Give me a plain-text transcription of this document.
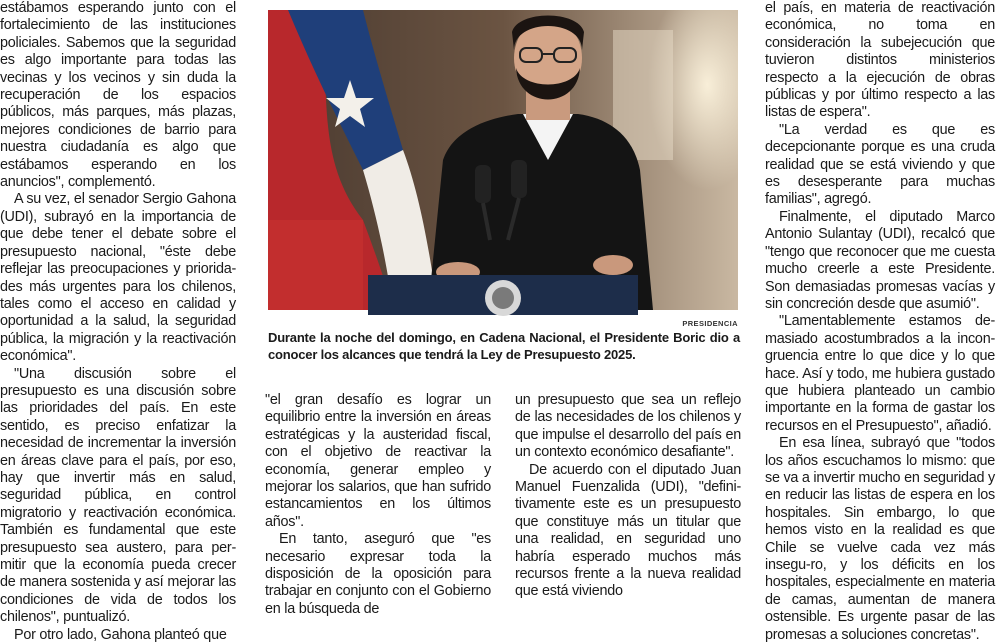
estábamos esperando junto con el fortalecimiento de las instituciones policiales. Sabemos que la seguridad es algo importante para todas las vecinas y los vecinos y sin duda la recuperación de los espacios públicos, más parques, más plazas, mejores condiciones de barrio para nuestra ciudadanía es algo que estábamos esperando en los anuncios", complementó.

A su vez, el senador Sergio Gahona (UDI), subrayó en la importancia de que debe tener el debate sobre el presupuesto nacional, "éste debe reflejar las preocupaciones y priorida-des más urgentes para los chilenos, tales como el acceso en calidad y oportunidad a la salud, la seguridad pública, la migración y la reactivación económica".

"Una discusión sobre el presupuesto es una discusión sobre las prioridades del país. En este sentido, es preciso enfatizar la necesidad de incrementar la inversión en áreas clave para el país, por eso, hay que invertir más en salud, seguridad pública, en control migratorio y reactivación económica. También es fundamental que este presupuesto sea austero, para per-mitir que la economía pueda crecer de manera sostenida y así mejorar las condiciones de vida de todos los chilenos", puntualizó.

Por otro lado, Gahona planteó que

PRESIDENCIA
Durante la noche del domingo, en Cadena Nacional, el Presidente Boric dio a conocer los alcances que tendrá la Ley de Presupuesto 2025.

"el gran desafío es lograr un equilibrio entre la inversión en áreas estratégicas y la austeridad fiscal, con el objetivo de reactivar la economía, generar empleo y mejorar los salarios, que han sufrido estancamientos en los últimos años".

En tanto, aseguró que "es necesario expresar toda la disposición de la oposición para trabajar en conjunto con el Gobierno en la búsqueda de

un presupuesto que sea un reflejo de las necesidades de los chilenos y que impulse el desarrollo del país en un contexto económico desafiante".

De acuerdo con el diputado Juan Manuel Fuenzalida (UDI), "defini-tivamente este es un presupuesto que constituye más un titular que una realidad, en seguridad uno habría esperado muchos más recursos frente a la nueva realidad que está viviendo

el país, en materia de reactivación económica, no toma en consideración la subejecución que tuvieron distintos ministerios respecto a la ejecución de obras públicas y por último respecto a las listas de espera".

"La verdad es que es decepcionante porque es una cruda realidad que se está viviendo y que es desesperante para muchas familias", agregó.

Finalmente, el diputado Marco Antonio Sulantay (UDI), recalcó que "tengo que reconocer que me cuesta mucho creerle a este Presidente. Son demasiadas promesas vacías y sin concreción desde que asumió".

"Lamentablemente estamos de-masiado acostumbrados a la incon-gruencia entre lo que dice y lo que hace. Así y todo, me hubiera gustado que hubiera planteado un cambio importante en la forma de gastar los recursos en el Presupuesto", añadió.

En esa línea, subrayó que "todos los años escuchamos lo mismo: que se va a invertir mucho en seguridad y en reducir las listas de espera en los hospitales. Sin embargo, lo que hemos visto en la realidad es que Chile se vuelve cada vez más insegu-ro, y los déficits en los hospitales, especialmente en materia de camas, aumentan de manera ostensible. Es urgente pasar de las promesas a soluciones concretas".
